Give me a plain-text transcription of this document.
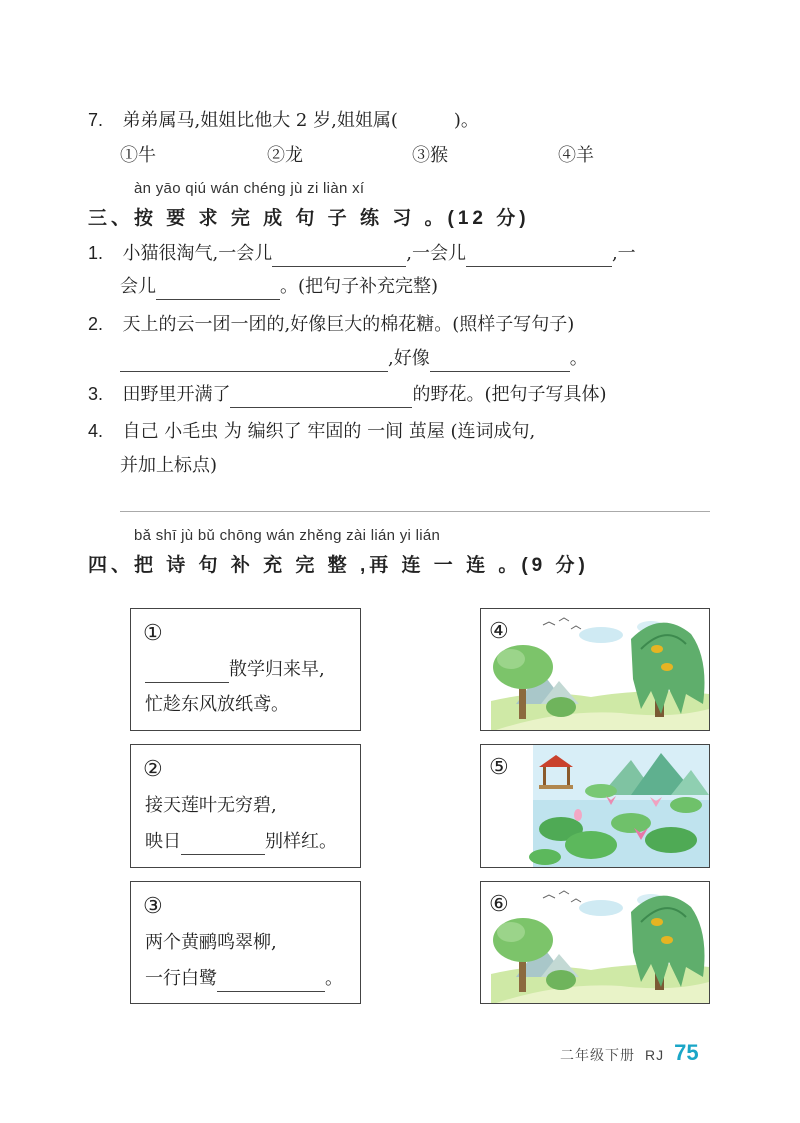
7. 弟弟属马,姐姐比他大 2 岁,姐姐属(	)。
①牛	②龙	③猴	④羊
àn yāo qiú wán chéng jù zi liàn xí
三、按 要 求 完 成 句 子 练 习 。(12 分)
1. 小猫很淘气,一会儿	,一会儿	,一
会儿	。(把句子补充完整)
2. 天上的云一团一团的,好像巨大的棉花糖。(照样子写句子)
,好像	。
3. 田野里开满了	的野花。(把句子写具体)
4. 自己 小毛虫 为 编织了 牢固的 一间 茧屋 (连词成句,
并加上标点)
bǎ shī jù bǔ chōng wán zhěng zài lián yi lián
四、把 诗 句 补 充 完 整 ,再 连 一 连 。(9 分)
①
散学归来早,
忙趁东风放纸鸢。
②
接天莲叶无穷碧,
映日	别样红。
③
两个黄鹂鸣翠柳,
一行白鹭	。
④
⑤
⑥
二年级下册 RJ 75
